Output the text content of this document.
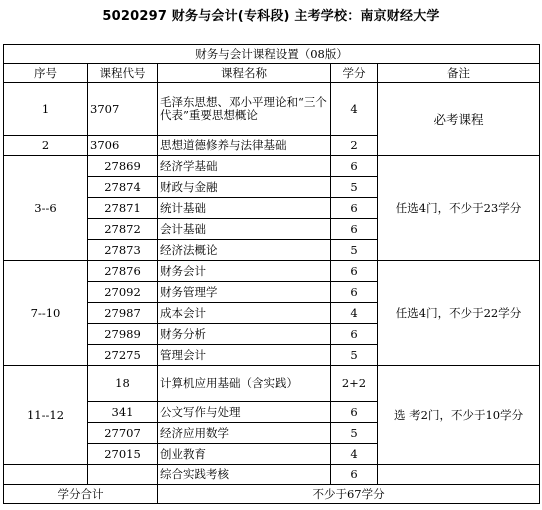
5020297 财务与会计(专科段) 主考学校：南京财经大学
财务与会计课程设置（08版）				
序号	课程代号	课程名称	学分	备注
1	3707	毛泽东思想、邓小平理论和“三个代表”重要思想概论	4	必考课程
2	3706	思想道德修养与法律基础	2	
3--6	27869	经济学基础	6	任选4门，不少于23学分
	27874	财政与金融	5	
	27871	统计基础	6	
	27872	会计基础	6	
	27873	经济法概论	5	
7--10	27876	财务会计	6	任选4门，不少于22学分
	27092	财务管理学	6	
	27987	成本会计	4	
	27989	财务分析	6	
	27275	管理会计	5	
11--12	18	计算机应用基础（含实践）	2+2	选 考2门，不少于10学分
	341	公文写作与处理	6	
	27707	经济应用数学	5	
	27015	创业教育	4	
		综合实践考核	6	
学分合计		不少于67学分		
